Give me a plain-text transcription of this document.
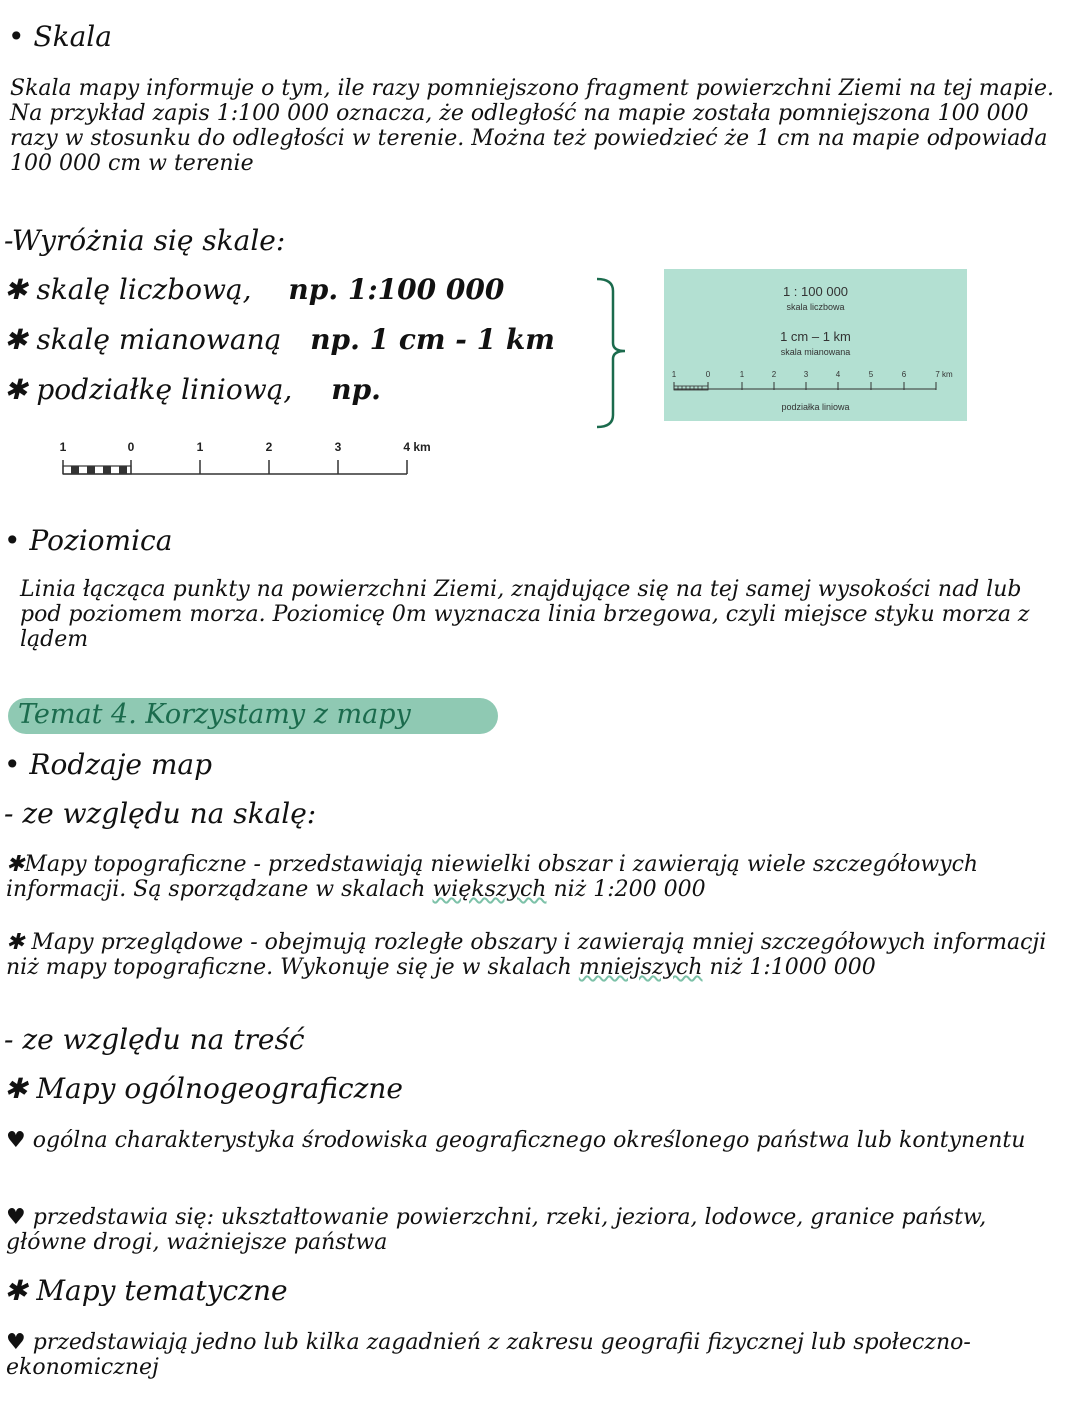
• Skala
Skala mapy informuje o tym, ile razy pomniejszono fragment powierzchni Ziemi na tej mapie. Na przykład zapis 1:100 000 oznacza, że odległość na mapie została pomniejszona 100 000 razy w stosunku do odległości w terenie. Można też powiedzieć że 1 cm na mapie odpowiada 100 000 cm w terenie
-Wyróżnia się skale:
✱ skalę liczbową, np. 1:100 000
✱ skalę mianowaną np. 1 cm - 1 km
✱ podziałkę liniową, np.
1 : 100 000
skala liczbowa
1 cm – 1 km
skala mianowana
1	0	1	2	3	4	5	6	7 km
podziałka liniowa
1	0	1	2	3	4 km
• Poziomica
Linia łącząca punkty na powierzchni Ziemi, znajdujące się na tej samej wysokości nad lub pod poziomem morza. Poziomicę 0m wyznacza linia brzegowa, czyli miejsce styku morza z lądem
Temat 4. Korzystamy z mapy
• Rodzaje map
- ze względu na skalę:
✱Mapy topograficzne - przedstawiają niewielki obszar i zawierają wiele szczegółowych informacji. Są sporządzane w skalach większych niż 1:200 000
✱ Mapy przeglądowe - obejmują rozległe obszary i zawierają mniej szczegółowych informacji niż mapy topograficzne. Wykonuje się je w skalach mniejszych niż 1:1000 000
- ze względu na treść
✱ Mapy ogólnogeograficzne
♥ ogólna charakterystyka środowiska geograficznego określonego państwa lub kontynentu
♥ przedstawia się: ukształtowanie powierzchni, rzeki, jeziora, lodowce, granice państw, główne drogi, ważniejsze państwa
✱ Mapy tematyczne
♥ przedstawiają jedno lub kilka zagadnień z zakresu geografii fizycznej lub społeczno-ekonomicznej
